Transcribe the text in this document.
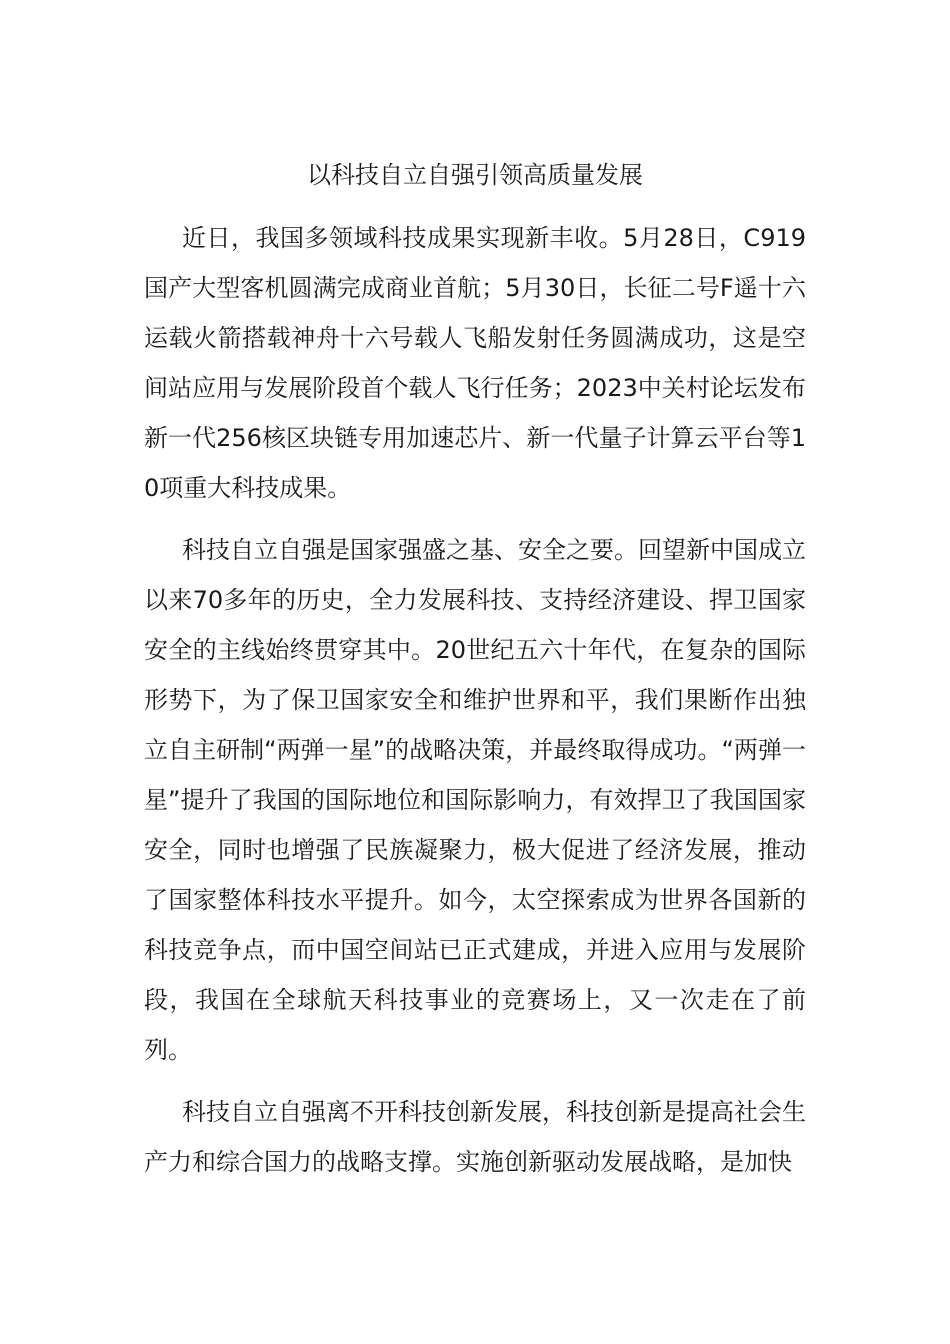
以科技自立自强引领高质量发展

近日，我国多领域科技成果实现新丰收。5月28日，C919国产大型客机圆满完成商业首航；5月30日，长征二号F遥十六运载火箭搭载神舟十六号载人飞船发射任务圆满成功，这是空间站应用与发展阶段首个载人飞行任务；2023中关村论坛发布新一代256核区块链专用加速芯片、新一代量子计算云平台等10项重大科技成果。

科技自立自强是国家强盛之基、安全之要。回望新中国成立以来70多年的历史，全力发展科技、支持经济建设、捍卫国家安全的主线始终贯穿其中。20世纪五六十年代，在复杂的国际形势下，为了保卫国家安全和维护世界和平，我们果断作出独立自主研制“两弹一星”的战略决策，并最终取得成功。“两弹一星”提升了我国的国际地位和国际影响力，有效捍卫了我国国家安全，同时也增强了民族凝聚力，极大促进了经济发展，推动了国家整体科技水平提升。如今，太空探索成为世界各国新的科技竞争点，而中国空间站已正式建成，并进入应用与发展阶段，我国在全球航天科技事业的竞赛场上，又一次走在了前列。

科技自立自强离不开科技创新发展，科技创新是提高社会生产力和综合国力的战略支撑。实施创新驱动发展战略，是加快
